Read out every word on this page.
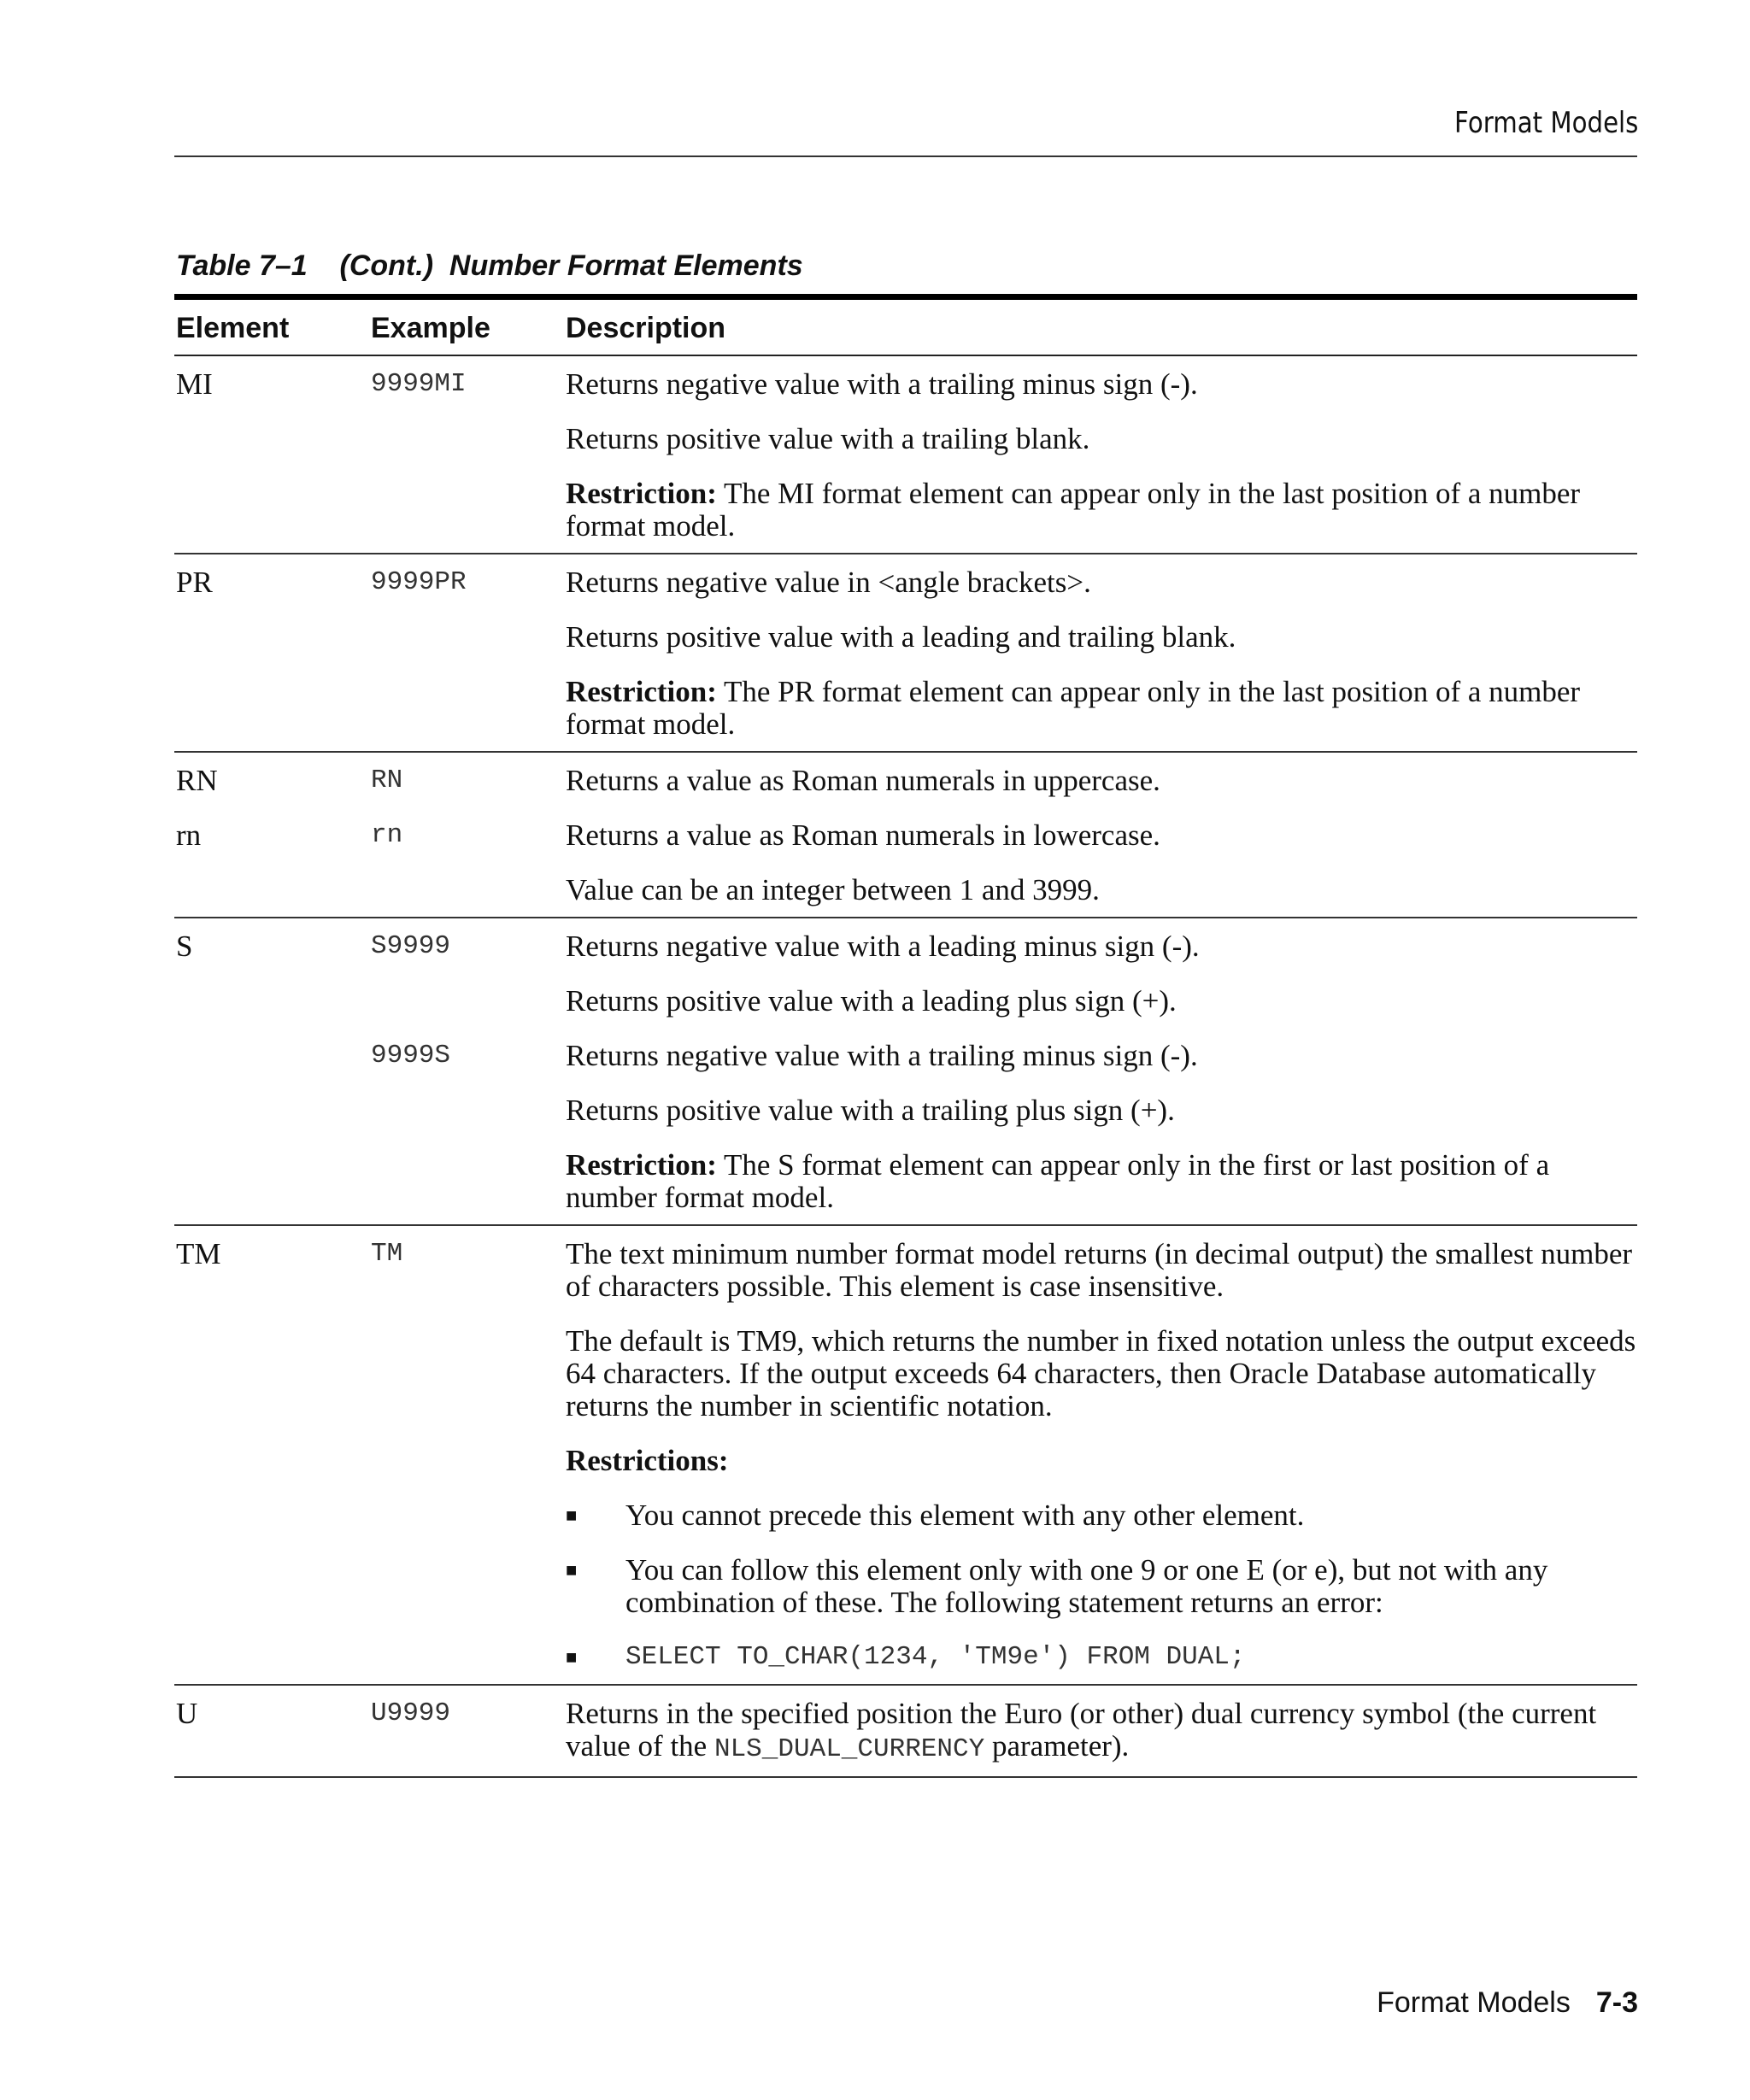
Format Models
Table 7–1 (Cont.)  Number Format Elements
Element	Example	Description
MI	9999MI	Returns negative value with a trailing minus sign (-).
		Returns positive value with a trailing blank.
		Restriction: The MI format element can appear only in the last position of a number format model.
PR	9999PR	Returns negative value in <angle brackets>.
		Returns positive value with a leading and trailing blank.
		Restriction: The PR format element can appear only in the last position of a number format model.
RN	RN	Returns a value as Roman numerals in uppercase.
rn	rn	Returns a value as Roman numerals in lowercase.
		Value can be an integer between 1 and 3999.
S	S9999	Returns negative value with a leading minus sign (-).
		Returns positive value with a leading plus sign (+).
	9999S	Returns negative value with a trailing minus sign (-).
		Returns positive value with a trailing plus sign (+).
		Restriction: The S format element can appear only in the first or last position of a number format model.
TM	TM	The text minimum number format model returns (in decimal output) the smallest number of characters possible. This element is case insensitive.
		The default is TM9, which returns the number in fixed notation unless the output exceeds 64 characters. If the output exceeds 64 characters, then Oracle Database automatically returns the number in scientific notation.
		Restrictions:

		■ You cannot precede this element with any other element.

		■ You can follow this element only with one 9 or one E (or e), but not with any combination of these. The following statement returns an error:

		■ SELECT TO_CHAR(1234, 'TM9e') FROM DUAL;

U	U9999	Returns in the specified position the Euro (or other) dual currency symbol (the current value of the NLS_DUAL_CURRENCY parameter).
Format Models 7-3
